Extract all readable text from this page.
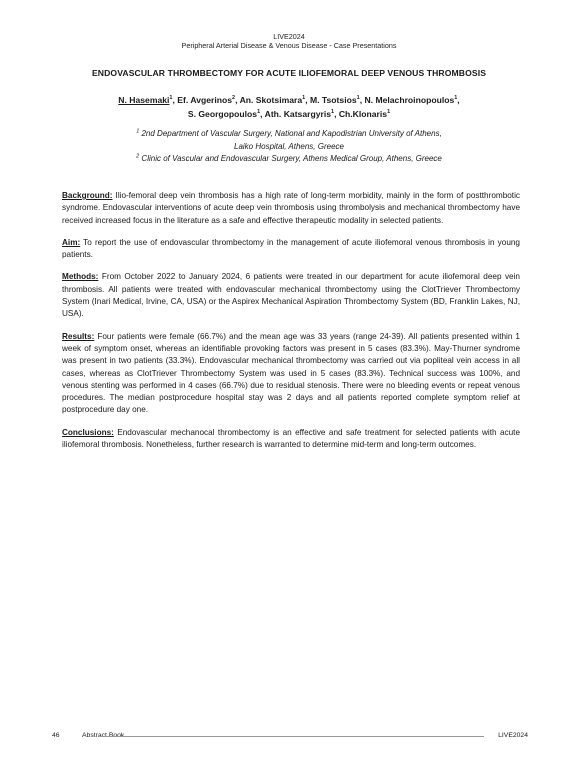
LIVE2024
Peripheral Arterial Disease & Venous Disease - Case Presentations
ENDOVASCULAR THROMBECTOMY FOR ACUTE ILIOFEMORAL DEEP VENOUS THROMBOSIS
N. Hasemaki$^1$, Ef. Avgerinos$^2$, An. Skotsimara$^1$, M. Tsotsios$^1$, N. Melachroinopoulos$^1$,
S. Georgopoulos$^1$, Ath. Katsargyris$^1$, Ch.Klonaris$^1$
$^1$ 2nd Department of Vascular Surgery, National and Kapodistrian University of Athens,
Laiko Hospital, Athens, Greece
$^2$ Clinic of Vascular and Endovascular Surgery, Athens Medical Group, Athens, Greece

Background: Ilio-femoral deep vein thrombosis has a high rate of long-term morbidity, mainly in the form of postthrombotic syndrome. Endovascular interventions of acute deep vein thrombosis using thrombolysis and mechanical thrombectomy have received increased focus in the literature as a safe and effective therapeutic modality in selected patients.

Aim: To report the use of endovascular thrombectomy in the management of acute iliofemoral venous thrombosis in young patients.

Methods: From October 2022 to January 2024, 6 patients were treated in our department for acute iliofemoral deep vein thrombosis. All patients were treated with endovascular mechanical thrombectomy using the ClotTriever Thrombectomy System (Inari Medical, Irvine, CA, USA) or the Aspirex Mechanical Aspiration Thrombectomy System (BD, Franklin Lakes, NJ, USA).

Results: Four patients were female (66.7%) and the mean age was 33 years (range 24-39). All patients presented within 1 week of symptom onset, whereas an identifiable provoking factors was present in 5 cases (83.3%). May-Thurner syndrome was present in two patients (33.3%). Endovascular mechanical thrombectomy was carried out via popliteal vein access in all cases, whereas as ClotTriever Thrombectomy System was used in 5 cases (83.3%). Technical success was 100%, and venous stenting was performed in 4 cases (66.7%) due to residual stenosis. There were no bleeding events or repeat venous procedures. The median postprocedure hospital stay was 2 days and all patients reported complete symptom relief at postprocedure day one.

Conclusions: Endovascular mechanocal thrombectomy is an effective and safe treatment for selected patients with acute iliofemoral thrombosis. Nonetheless, further research is warranted to determine mid-term and long-term outcomes.

46	Abstract Book	LIVE2024
